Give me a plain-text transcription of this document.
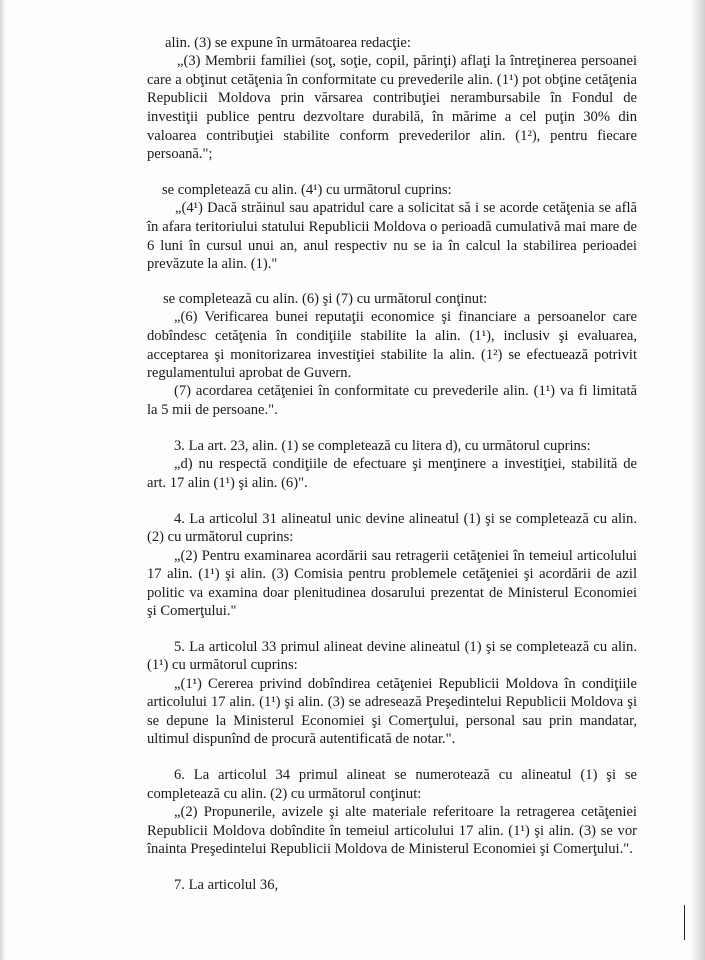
alin. (3) se expune în următoarea redacţie:
„(3) Membrii familiei (soţ, soţie, copil, părinţi) aflaţi la întreţinerea persoanei
care a obţinut cetăţenia în conformitate cu prevederile alin. (1¹) pot obţine cetăţenia
Republicii Moldova prin vărsarea contribuţiei nerambursabile în Fondul de
investiţii publice pentru dezvoltare durabilă, în mărime a cel puţin 30% din
valoarea contribuţiei stabilite conform prevederilor alin. (1²), pentru fiecare
persoană.";
se completează cu alin. (4¹) cu următorul cuprins:
„(4¹) Dacă străinul sau apatridul care a solicitat să i se acorde cetăţenia se află
în afara teritoriului statului Republicii Moldova o perioadă cumulativă mai mare de
6 luni în cursul unui an, anul respectiv nu se ia în calcul la stabilirea perioadei
prevăzute la alin. (1)."
se completează cu alin. (6) şi (7) cu următorul conţinut:
„(6) Verificarea bunei reputaţii economice şi financiare a persoanelor care
dobîndesc cetăţenia în condiţiile stabilite la alin. (1¹), inclusiv şi evaluarea,
acceptarea şi monitorizarea investiţiei stabilite la alin. (1²) se efectuează potrivit
regulamentului aprobat de Guvern.
(7) acordarea cetăţeniei în conformitate cu prevederile alin. (1¹) va fi limitată
la 5 mii de persoane.".
3. La art. 23, alin. (1) se completează cu litera d), cu următorul cuprins:
„d) nu respectă condiţiile de efectuare şi menţinere a investiţiei, stabilită de
art. 17 alin (1¹) şi alin. (6)".
4. La articolul 31 alineatul unic devine alineatul (1) şi se completează cu alin.
(2) cu următorul cuprins:
„(2) Pentru examinarea acordării sau retragerii cetăţeniei în temeiul articolului
17 alin. (1¹) şi alin. (3) Comisia pentru problemele cetăţeniei şi acordării de azil
politic va examina doar plenitudinea dosarului prezentat de Ministerul Economiei
şi Comerţului."
5. La articolul 33 primul alineat devine alineatul (1) şi se completează cu alin.
(1¹) cu următorul cuprins:
„(1¹) Cererea privind dobîndirea cetăţeniei Republicii Moldova în condiţiile
articolului 17 alin. (1¹) şi alin. (3) se adresează Preşedintelui Republicii Moldova şi
se depune la Ministerul Economiei şi Comerţului, personal sau prin mandatar,
ultimul dispunînd de procură autentificată de notar.".
6. La articolul 34 primul alineat se numerotează cu alineatul (1) şi se
completează cu alin. (2) cu următorul conţinut:
„(2) Propunerile, avizele şi alte materiale referitoare la retragerea cetăţeniei
Republicii Moldova dobîndite în temeiul articolului 17 alin. (1¹) şi alin. (3) se vor
înainta Preşedintelui Republicii Moldova de Ministerul Economiei şi Comerţului.".
7. La articolul 36,
